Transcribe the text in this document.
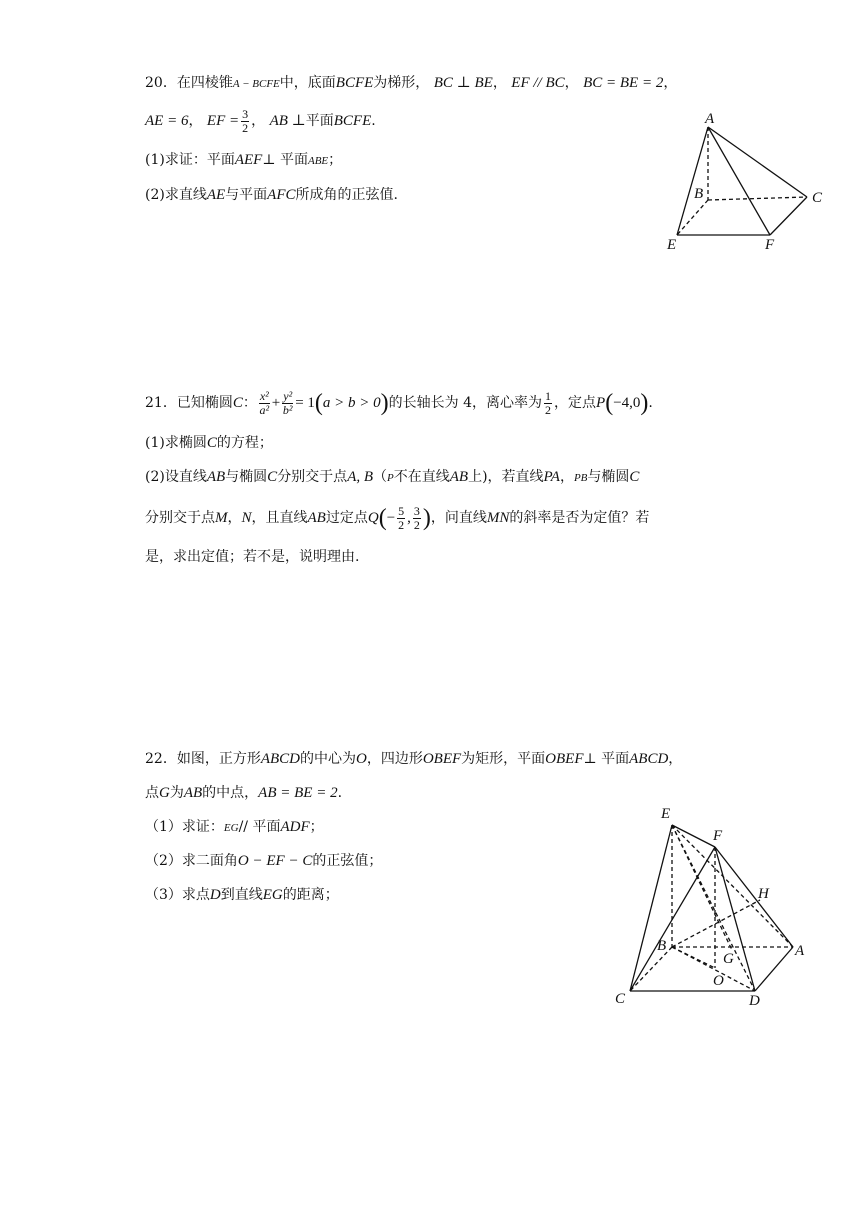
20．在四棱锥A − BCFE中，底面BCFE为梯形， BC ⊥ BE， EF // BC， BC = BE = 2，
AE = 6， EF = $\frac{3}{2}$ ， AB ⊥平面BCFE.
(1)求证：平面AEF⊥ 平面ABE；
(2)求直线AE与平面AFC所成角的正弦值.
A
B	C
E	F
21．已知椭圆C： $\frac{\text{x²}}{\text{a²}} + \frac{\text{y²}}{\text{b²}} = 1(a > b > 0)$的长轴长为 4，离心率为 $\frac{1}{2}$ ，定点P(−4,0).
(1)求椭圆C的方程；
(2)设直线AB与椭圆C分别交于点A, B（P不在直线AB上)，若直线PA，PB与椭圆C
分别交于点M，N，且直线AB过定点$Q(- \frac{5}{2}$ , $\frac{3}{2}$ )，问直线MN的斜率是否为定值？若
是，求出定值；若不是，说明理由.
22．如图，正方形ABCD的中心为O，四边形OBEF为矩形，平面OBEF⊥ 平面ABCD，
点G为AB的中点，AB = BE = 2.
（1）求证：EG// 平面ADF；
（2）求二面角O − EF − C的正弦值；
（3）求点D到直线EG的距离；
E
F
H
B
G	A
O
C	D
